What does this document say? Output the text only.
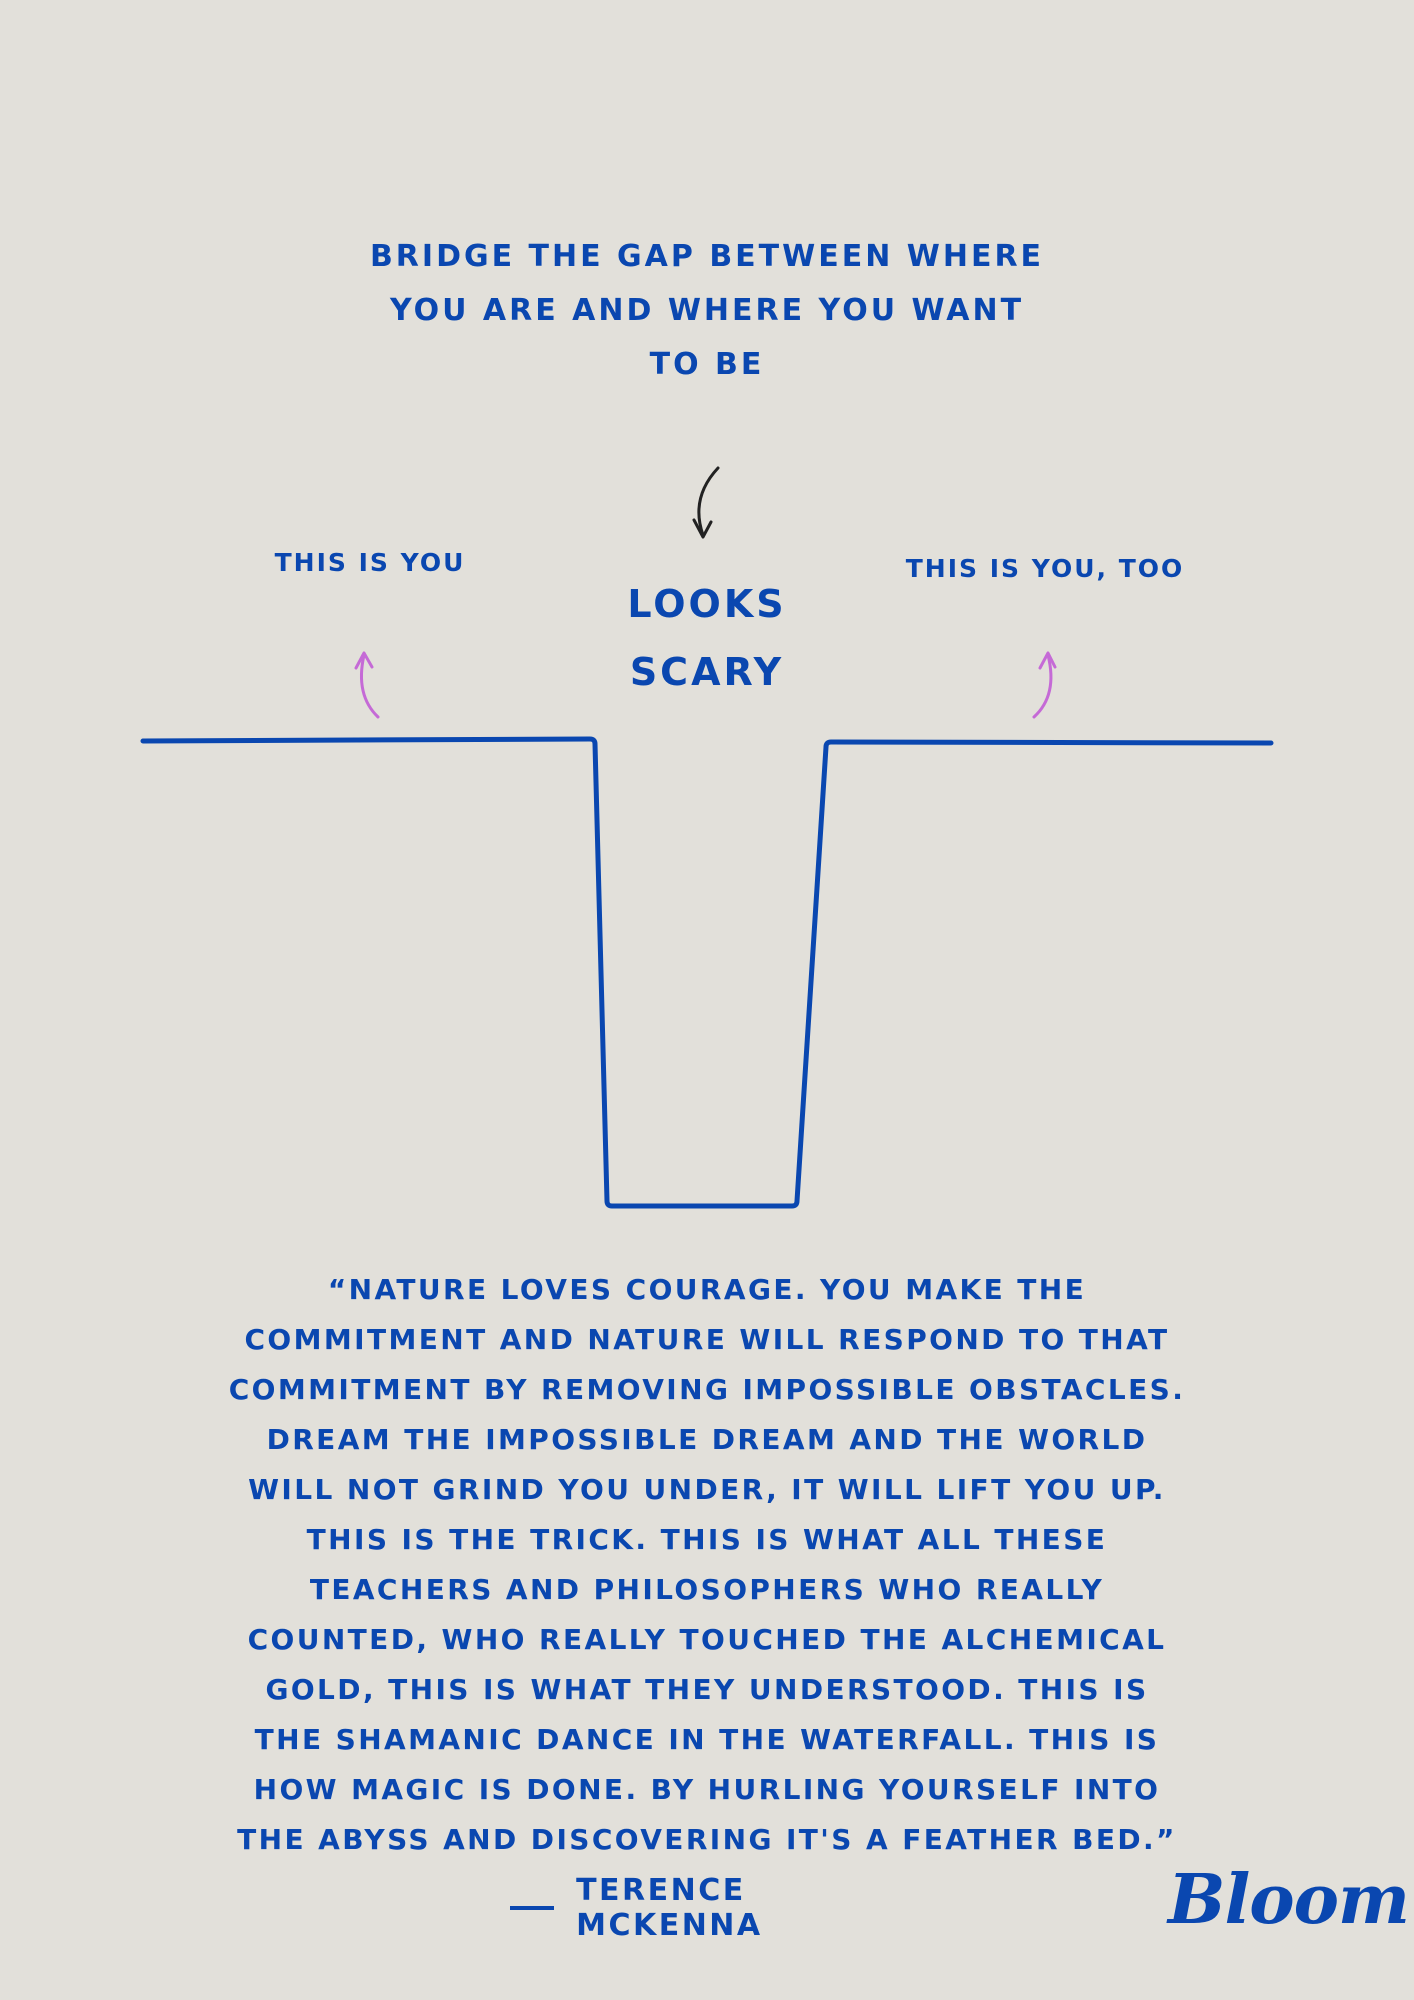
BRIDGE THE GAP BETWEEN WHERE
YOU ARE AND WHERE YOU WANT
TO BE
THIS IS YOU	THIS IS YOU, TOO
LOOKS
SCARY
“NATURE LOVES COURAGE. YOU MAKE THE COMMITMENT AND NATURE WILL RESPOND TO THAT COMMITMENT BY REMOVING IMPOSSIBLE OBSTACLES. DREAM THE IMPOSSIBLE DREAM AND THE WORLD WILL NOT GRIND YOU UNDER, IT WILL LIFT YOU UP. THIS IS THE TRICK. THIS IS WHAT ALL THESE TEACHERS AND PHILOSOPHERS WHO REALLY COUNTED, WHO REALLY TOUCHED THE ALCHEMICAL GOLD, THIS IS WHAT THEY UNDERSTOOD. THIS IS THE SHAMANIC DANCE IN THE WATERFALL. THIS IS HOW MAGIC IS DONE. BY HURLING YOURSELF INTO THE ABYSS AND DISCOVERING IT'S A FEATHER BED.”
TERENCE MCKENNA	Bloom
